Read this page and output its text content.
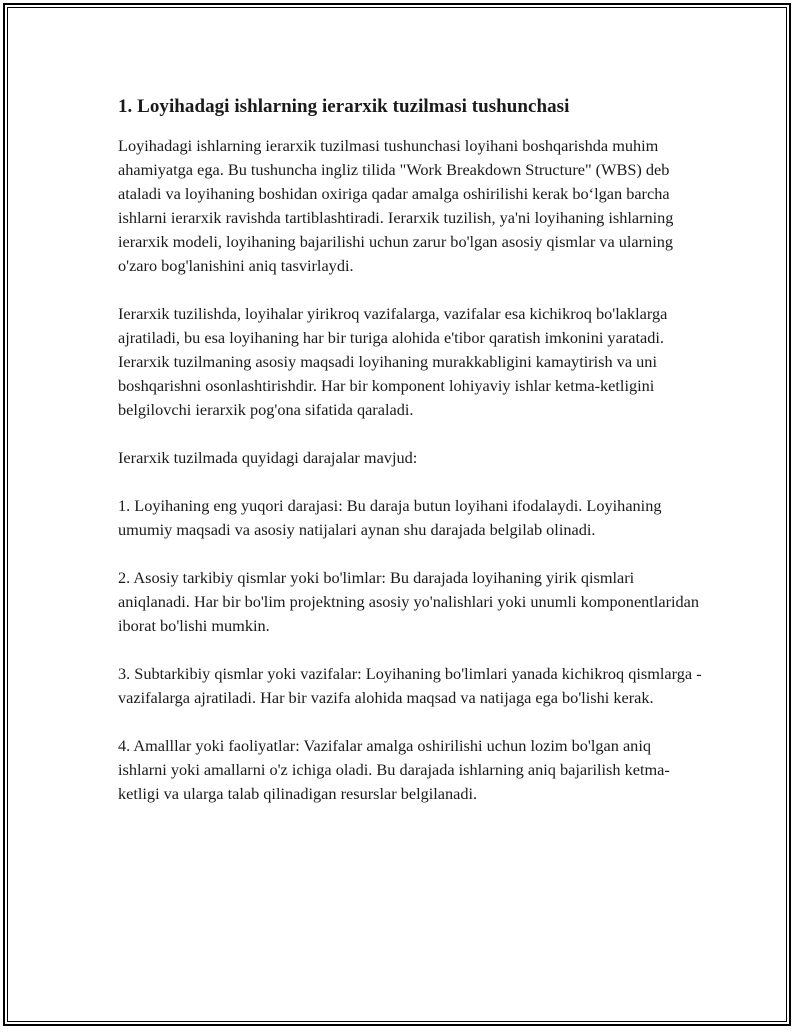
1. Loyihadagi ishlarning ierarxik tuzilmasi tushunchasi

Loyihadagi ishlarning ierarxik tuzilmasi tushunchasi loyihani boshqarishda muhim ahamiyatga ega. Bu tushuncha ingliz tilida "Work Breakdown Structure" (WBS) deb ataladi va loyihaning boshidan oxiriga qadar amalga oshirilishi kerak boʻlgan barcha ishlarni ierarxik ravishda tartiblashtiradi. Ierarxik tuzilish, ya'ni loyihaning ishlarning ierarxik modeli, loyihaning bajarilishi uchun zarur bo'lgan asosiy qismlar va ularning o'zaro bog'lanishini aniq tasvirlaydi.

Ierarxik tuzilishda, loyihalar yirikroq vazifalarga, vazifalar esa kichikroq bo'laklarga ajratiladi, bu esa loyihaning har bir turiga alohida e'tibor qaratish imkonini yaratadi. Ierarxik tuzilmaning asosiy maqsadi loyihaning murakkabligini kamaytirish va uni boshqarishni osonlashtirishdir. Har bir komponent lohiyaviy ishlar ketma-ketligini belgilovchi ierarxik pog'ona sifatida qaraladi.

Ierarxik tuzilmada quyidagi darajalar mavjud:

1. Loyihaning eng yuqori darajasi: Bu daraja butun loyihani ifodalaydi. Loyihaning umumiy maqsadi va asosiy natijalari aynan shu darajada belgilab olinadi.

2. Asosiy tarkibiy qismlar yoki bo'limlar: Bu darajada loyihaning yirik qismlari aniqlanadi. Har bir bo'lim projektning asosiy yo'nalishlari yoki unumli komponentlaridan iborat bo'lishi mumkin.

3. Subtarkibiy qismlar yoki vazifalar: Loyihaning bo'limlari yanada kichikroq qismlarga - vazifalarga ajratiladi. Har bir vazifa alohida maqsad va natijaga ega bo'lishi kerak.

4. Amalllar yoki faoliyatlar: Vazifalar amalga oshirilishi uchun lozim bo'lgan aniq ishlarni yoki amallarni o'z ichiga oladi. Bu darajada ishlarning aniq bajarilish ketma-ketligi va ularga talab qilinadigan resurslar belgilanadi.
